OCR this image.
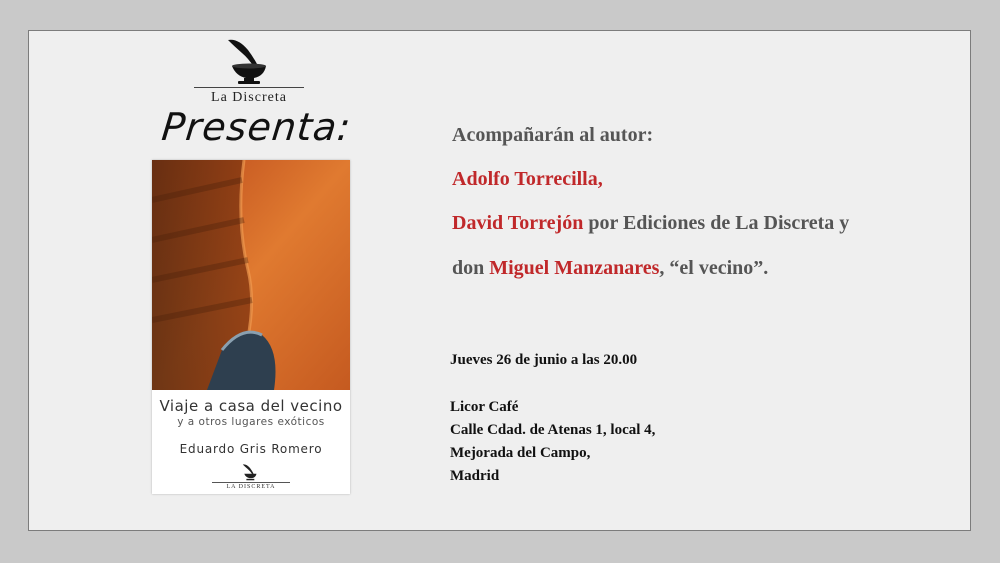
La Discreta
Presenta:
Viaje a casa del vecino
y a otros lugares exóticos
Eduardo Gris Romero
LA DISCRETA
Acompañarán al autor:
Adolfo Torrecilla,
David Torrejón por Ediciones de La Discreta y
don Miguel Manzanares, “el vecino”.
Jueves 26 de junio a las 20.00
Licor Café
Calle Cdad. de Atenas 1, local 4,
Mejorada del Campo,
Madrid
